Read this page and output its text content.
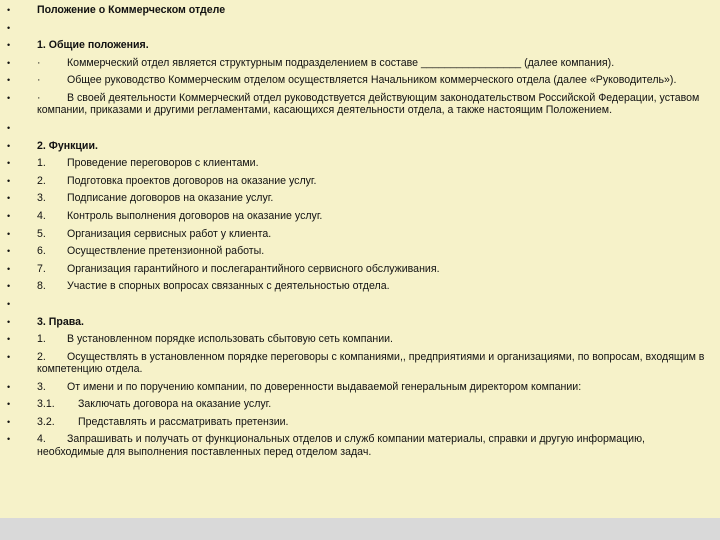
•	Положение о Коммерческом отделе
•
•	1. Общие положения.
•	· Коммерческий отдел является структурным подразделением в составе _________________ (далее компания).
•	· Общее руководство Коммерческим отделом осуществляется Начальником коммерческого отдела (далее «Руководитель»).
•	· В своей деятельности Коммерческий отдел руководствуется действующим законодательством Российской Федерации, уставом компании, приказами и другими регламентами, касающихся деятельности отдела, а также настоящим Положением.
•
•	2. Функции.
•	1. Проведение переговоров с клиентами.
•	2. Подготовка проектов договоров на оказание услуг.
•	3. Подписание договоров на оказание услуг.
•	4. Контроль выполнения договоров на оказание услуг.
•	5. Организация сервисных работ у клиента.
•	6. Осуществление претензионной работы.
•	7. Организация гарантийного и послегарантийного сервисного обслуживания.
•	8. Участие в спорных вопросах связанных с деятельностью отдела.
•
•	3. Права.
•	1. В установленном порядке использовать сбытовую сеть компании.
•	2. Осуществлять в установленном порядке переговоры с компаниями,, предприятиями и организациями, по вопросам, входящим в компетенцию отдела.
•	3. От имени и по поручению компании, по доверенности выдаваемой генеральным директором компании:
•	3.1. Заключать договора на оказание услуг.
•	3.2. Представлять и рассматривать претензии.
•	4. Запрашивать и получать от функциональных отделов и служб компании материалы, справки и другую информацию, необходимые для выполнения поставленных перед отделом задач.
